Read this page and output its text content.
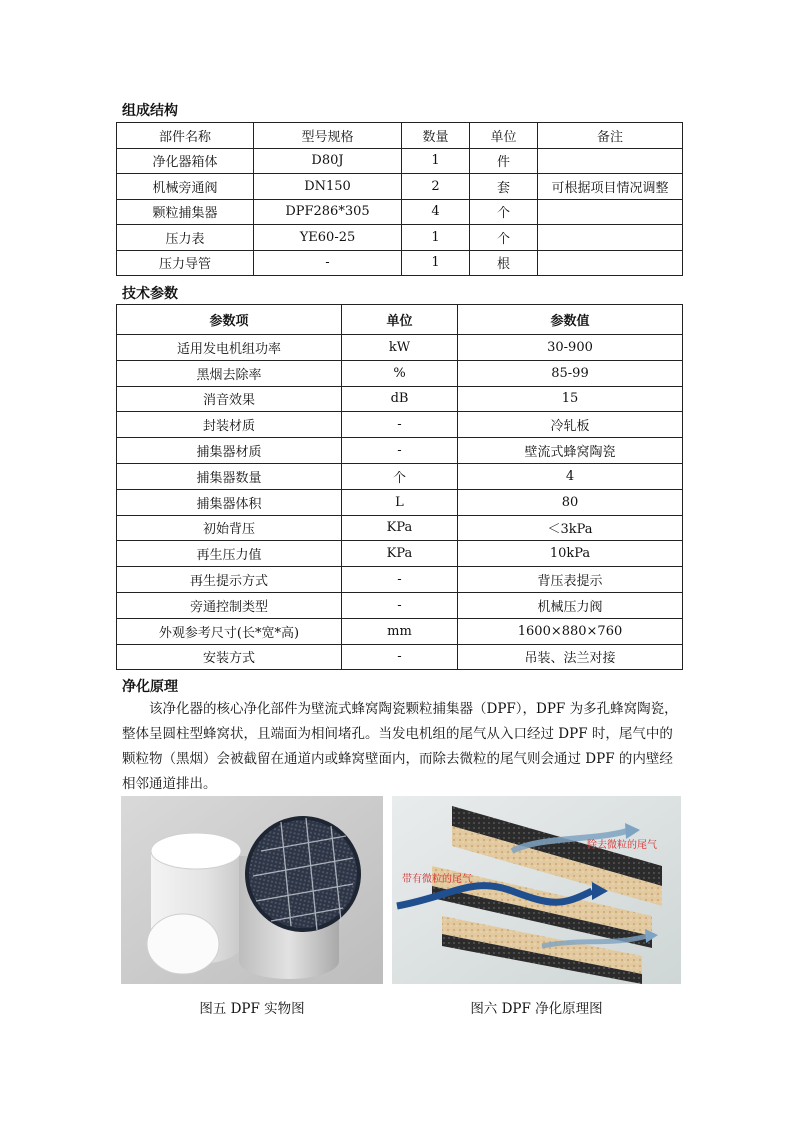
组成结构
部件名称	型号规格	数量	单位	备注
净化器箱体	D80J	1	件	
机械旁通阀	DN150	2	套	可根据项目情况调整
颗粒捕集器	DPF286*305	4	个	
压力表	YE60-25	1	个	
压力导管	-	1	根	
技术参数
参数项	单位	参数值
适用发电机组功率	kW	30-900
黑烟去除率	%	85-99
消音效果	dB	15
封装材质	-	冷轧板
捕集器材质	-	壁流式蜂窝陶瓷
捕集器数量	个	4
捕集器体积	L	80
初始背压	KPa	＜3kPa
再生压力值	KPa	10kPa
再生提示方式	-	背压表提示
旁通控制类型	-	机械压力阀
外观参考尺寸(长*宽*高)	mm	1600×880×760
安装方式	-	吊装、法兰对接
净化原理
该净化器的核心净化部件为壁流式蜂窝陶瓷颗粒捕集器（DPF），DPF 为多孔蜂窝陶瓷，
整体呈圆柱型蜂窝状，且端面为相间堵孔。当发电机组的尾气从入口经过 DPF 时，尾气中的
颗粒物（黑烟）会被截留在通道内或蜂窝壁面内，而除去微粒的尾气则会通过 DPF 的内壁经
相邻通道排出。
除去微粒的尾气
带有微粒的尾气
图五 DPF 实物图	图六 DPF 净化原理图
